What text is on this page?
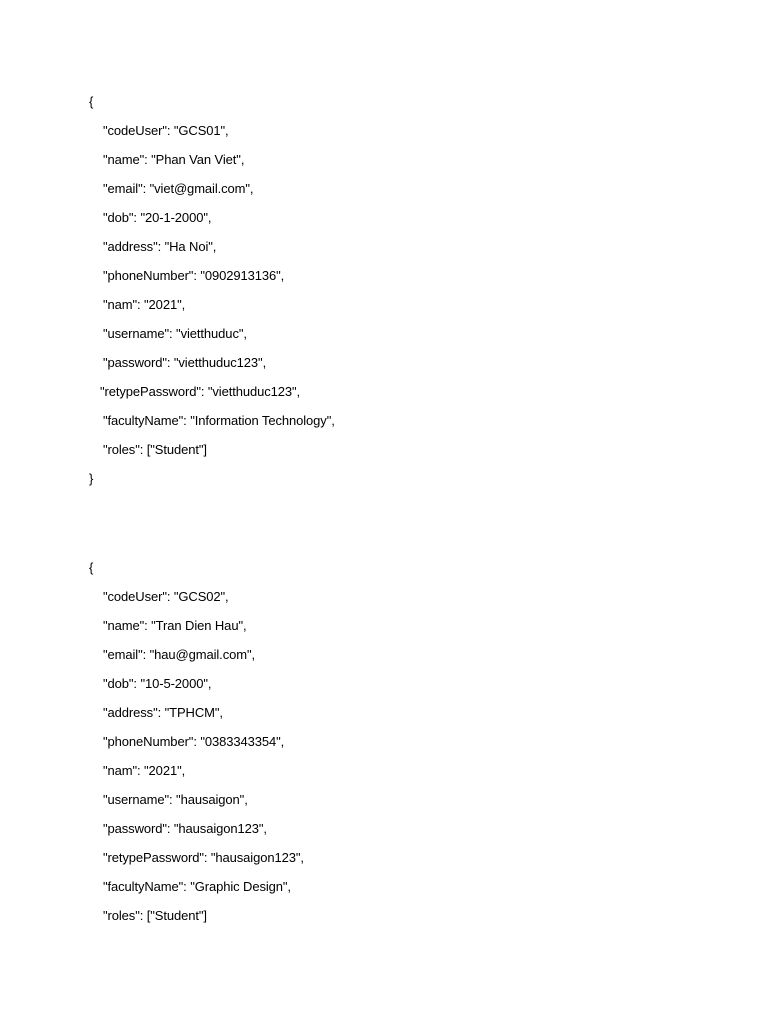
{
"codeUser": "GCS01",
"name": "Phan Van Viet",
"email": "viet@gmail.com",
"dob": "20-1-2000",
"address": "Ha Noi",
"phoneNumber": "0902913136",
"nam": "2021",
"username": "vietthuduc",
"password": "vietthuduc123",
"retypePassword": "vietthuduc123",
"facultyName": "Information Technology",
"roles": ["Student"]
}
{
"codeUser": "GCS02",
"name": "Tran Dien Hau",
"email": "hau@gmail.com",
"dob": "10-5-2000",
"address": "TPHCM",
"phoneNumber": "0383343354",
"nam": "2021",
"username": "hausaigon",
"password": "hausaigon123",
"retypePassword": "hausaigon123",
"facultyName": "Graphic Design",
"roles": ["Student"]
